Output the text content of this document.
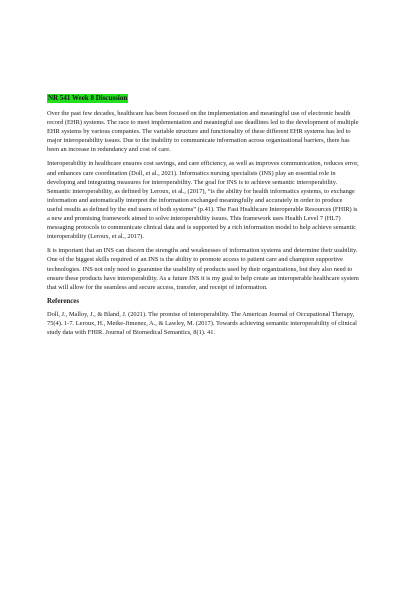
NR 541 Week 8 Discussion

Over the past few decades, healthcare has been focused on the implementation and meaningful use of electronic health record (EHR) systems. The race to meet implementation and meaningful use deadlines led to the development of multiple EHR systems by various companies. The variable structure and functionality of these different EHR systems has led to major interoperability issues. Due to the inability to communicate information across organizational barriers, there has been an increase in redundancy and cost of care.

Interoperability in healthcare ensures cost savings, and care efficiency, as well as improves communication, reduces error, and enhances care coordination (Doll, et al., 2021). Informatics nursing specialists (INS) play an essential role in developing and integrating measures for interoperability. The goal for INS is to achieve semantic interoperability. Semantic interoperability, as defined by Leroux, et al., (2017), “is the ability for health informatics systems, to exchange information and automatically interpret the information exchanged meaningfully and accurately in order to produce useful results as defined by the end users of both systems” (p.41). The Fast Healthcare Interoperable Resources (FHIR) is a new and promising framework aimed to solve interoperability issues. This framework uses Health Level 7 (HL7) messaging protocols to communicate clinical data and is supported by a rich information model to help achieve semantic interoperability (Leroux, et al., 2017).

It is important that an INS can discern the strengths and weaknesses of information systems and determine their usability. One of the biggest skills required of an INS is the ability to promote access to patient care and champion supportive technologies. INS not only need to guarantee the usability of products used by their organizations, but they also need to ensure these products have interoperability. As a future INS it is my goal to help create an interoperable healthcare system that will allow for the seamless and secure access, transfer, and receipt of information.

References

Doll, J., Malloy, J., & Bland, J. (2021). The promise of interoperability. The American Journal of Occupational Therapy, 75(4). 1-7. Leroux, H., Metke-Jimenez, A., & Lawley, M. (2017). Towards achieving semantic interoperability of clinical study data with FHIR. Journal of Biomedical Semantics, 8(1). 41.
